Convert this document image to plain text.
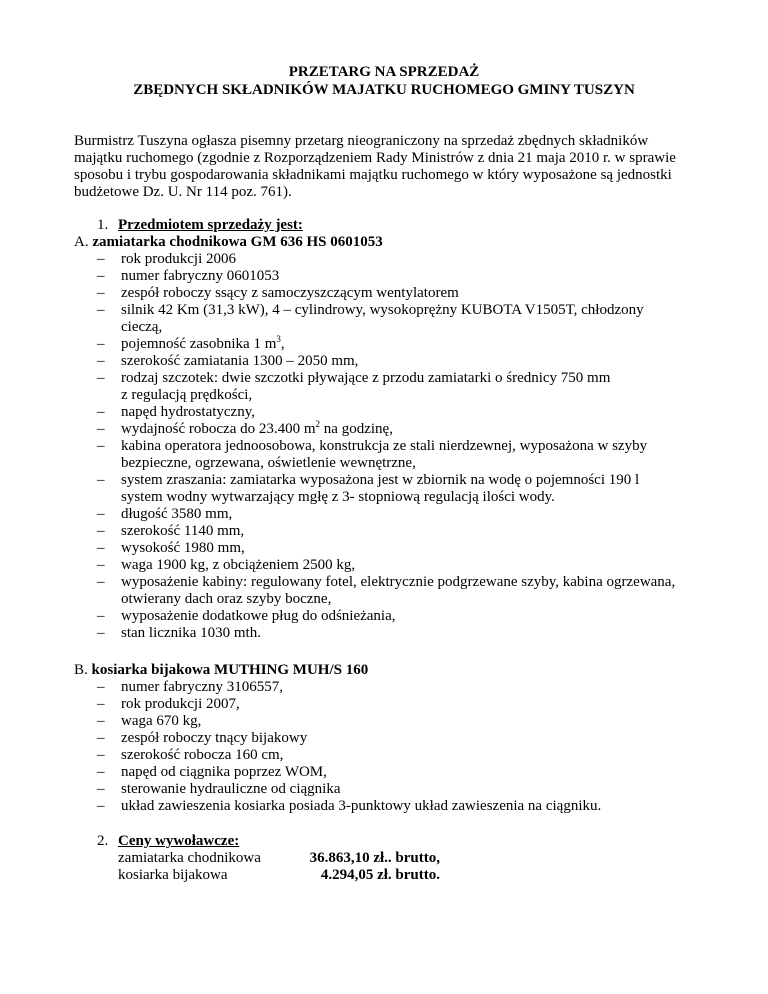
PRZETARG NA SPRZEDAŻ
ZBĘDNYCH SKŁADNIKÓW MAJATKU RUCHOMEGO GMINY TUSZYN
Burmistrz Tuszyna ogłasza pisemny przetarg nieograniczony na sprzedaż zbędnych składników
majątku ruchomego (zgodnie z Rozporządzeniem Rady Ministrów z dnia 21 maja 2010 r. w sprawie
sposobu i trybu gospodarowania składnikami majątku ruchomego w który wyposażone są jednostki
budżetowe Dz. U. Nr 114 poz. 761).
1. Przedmiotem sprzedaży jest:
A. zamiatarka chodnikowa GM 636 HS 0601053
– rok produkcji 2006
– numer fabryczny 0601053
– zespół roboczy ssący z samoczyszczącym wentylatorem
– silnik 42 Km (31,3 kW), 4 – cylindrowy, wysokoprężny KUBOTA V1505T, chłodzony
cieczą,
– pojemność zasobnika 1 $m^3$,
– szerokość zamiatania 1300 – 2050 mm,
– rodzaj szczotek: dwie szczotki pływające z przodu zamiatarki o średnicy 750 mm
z regulacją prędkości,
– napęd hydrostatyczny,
– wydajność robocza do 23.400 $m^2$ na godzinę,
– kabina operatora jednoosobowa, konstrukcja ze stali nierdzewnej, wyposażona w szyby
bezpieczne, ogrzewana, oświetlenie wewnętrzne,
– system zraszania: zamiatarka wyposażona jest w zbiornik na wodę o pojemności 190 l
system wodny wytwarzający mgłę z 3- stopniową regulacją ilości wody.
– długość 3580 mm,
– szerokość 1140 mm,
– wysokość 1980 mm,
– waga 1900 kg, z obciążeniem 2500 kg,
– wyposażenie kabiny: regulowany fotel, elektrycznie podgrzewane szyby, kabina ogrzewana,
otwierany dach oraz szyby boczne,
– wyposażenie dodatkowe pług do odśnieżania,
– stan licznika 1030 mth.
B. kosiarka bijakowa MUTHING MUH/S 160
– numer fabryczny 3106557,
– rok produkcji 2007,
– waga 670 kg,
– zespół roboczy tnący bijakowy
– szerokość robocza 160 cm,
– napęd od ciągnika poprzez WOM,
– sterowanie hydrauliczne od ciągnika
– układ zawieszenia kosiarka posiada 3-punktowy układ zawieszenia na ciągniku.
2. Ceny wywoławcze:
zamiatarka chodnikowa	36.863,10 zł.. brutto,
kosiarka bijakowa	4.294,05 zł. brutto.
